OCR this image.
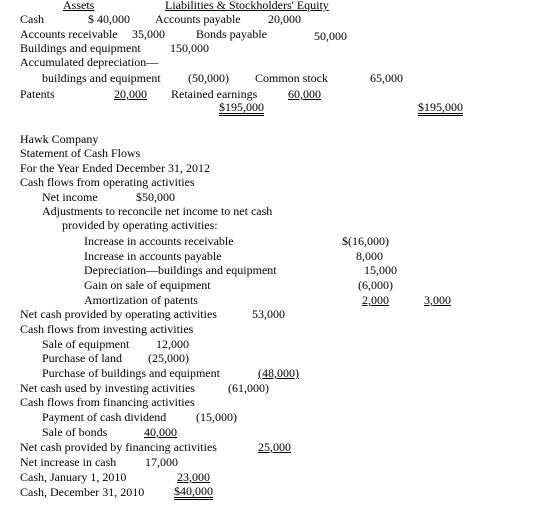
Assets	Liabilities & Stockholders' Equity
Cash	$ 40,000 Accounts payable 20,000
Accounts receivable 35,000	Bonds payable	50,000
Buildings and equipment 150,000
Accumulated depreciation—
buildings and equipment (50,000) Common stock	65,000
Patents	20,000 Retained earnings	60,000
$195,000	$195,000
Hawk Company
Statement of Cash Flows
For the Year Ended December 31, 2012
Cash flows from operating activities
Net income	$50,000
Adjustments to reconcile net income to net cash
provided by operating activities:
Increase in accounts receivable	$(16,000)
Increase in accounts payable	8,000
Depreciation—buildings and equipment	15,000
Gain on sale of equipment	(6,000)
Amortization of patents	2,000	3,000
Net cash provided by operating activities	53,000
Cash flows from investing activities
Sale of equipment 12,000
Purchase of land (25,000)
Purchase of buildings and equipment	(48,000)
Net cash used by investing activities	(61,000)
Cash flows from financing activities
Payment of cash dividend (15,000)
Sale of bonds	40,000
Net cash provided by financing activities	25,000
Net increase in cash 17,000
Cash, January 1, 2010	23,000
Cash, December 31, 2010 $40,000
